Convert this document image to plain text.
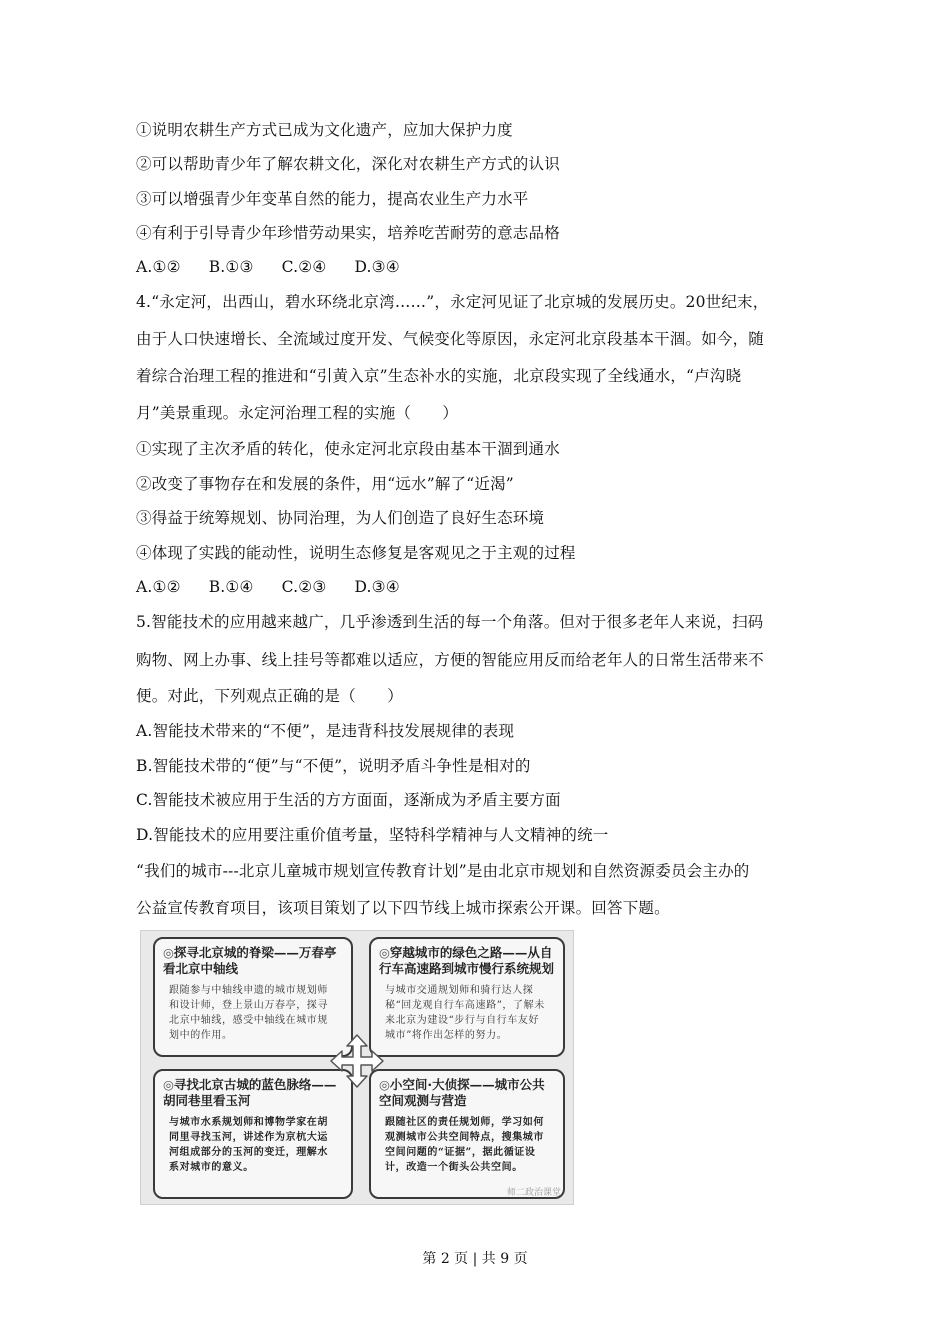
①说明农耕生产方式已成为文化遗产，应加大保护力度
②可以帮助青少年了解农耕文化，深化对农耕生产方式的认识
③可以增强青少年变革自然的能力，提高农业生产力水平
④有利于引导青少年珍惜劳动果实，培养吃苦耐劳的意志品格
A.①② B.①③ C.②④ D.③④
4.“永定河，出西山，碧水环绕北京湾……”，永定河见证了北京城的发展历史。20世纪末，
由于人口快速增长、全流域过度开发、气候变化等原因，永定河北京段基本干涸。如今，随
着综合治理工程的推进和“引黄入京”生态补水的实施，北京段实现了全线通水，“卢沟晓
月”美景重现。永定河治理工程的实施（　　）
①实现了主次矛盾的转化，使永定河北京段由基本干涸到通水
②改变了事物存在和发展的条件，用“远水”解了“近渴”
③得益于统筹规划、协同治理，为人们创造了良好生态环境
④体现了实践的能动性，说明生态修复是客观见之于主观的过程
A.①② B.①④ C.②③ D.③④
5.智能技术的应用越来越广，几乎渗透到生活的每一个角落。但对于很多老年人来说，扫码
购物、网上办事、线上挂号等都难以适应，方便的智能应用反而给老年人的日常生活带来不
便。对此，下列观点正确的是（　　）
A.智能技术带来的“不便”，是违背科技发展规律的表现
B.智能技术带的“便”与“不便”，说明矛盾斗争性是相对的
C.智能技术被应用于生活的方方面面，逐渐成为矛盾主要方面
D.智能技术的应用要注重价值考量，坚特科学精神与人文精神的统一
“我们的城市---北京儿童城市规划宣传教育计划”是由北京市规划和自然资源委员会主办的
公益宣传教育项目，该项目策划了以下四节线上城市探索公开课。回答下题。
◎探寻北京城的脊梁——万春亭看北京中轴线
跟随参与中轴线申遗的城市规划师和设计师，登上景山万春亭，探寻北京中轴线，感受中轴线在城市规划中的作用。
◎穿越城市的绿色之路——从自行车高速路到城市慢行系统规划
与城市交通规划师和骑行达人探秘“回龙观自行车高速路”，了解未来北京为建设“步行与自行车友好城市”将作出怎样的努力。
◎寻找北京古城的蓝色脉络——胡同巷里看玉河
与城市水系规划师和博物学家在胡同里寻找玉河，讲述作为京杭大运河组成部分的玉河的变迁，理解水系对城市的意义。
◎小空间·大侦探——城市公共空间观测与营造
跟随社区的责任规划师，学习如何观测城市公共空间特点，搜集城市空间问题的“证据”，据此循证设计，改造一个街头公共空间。
师二政治课堂
第 2 页 | 共 9 页
